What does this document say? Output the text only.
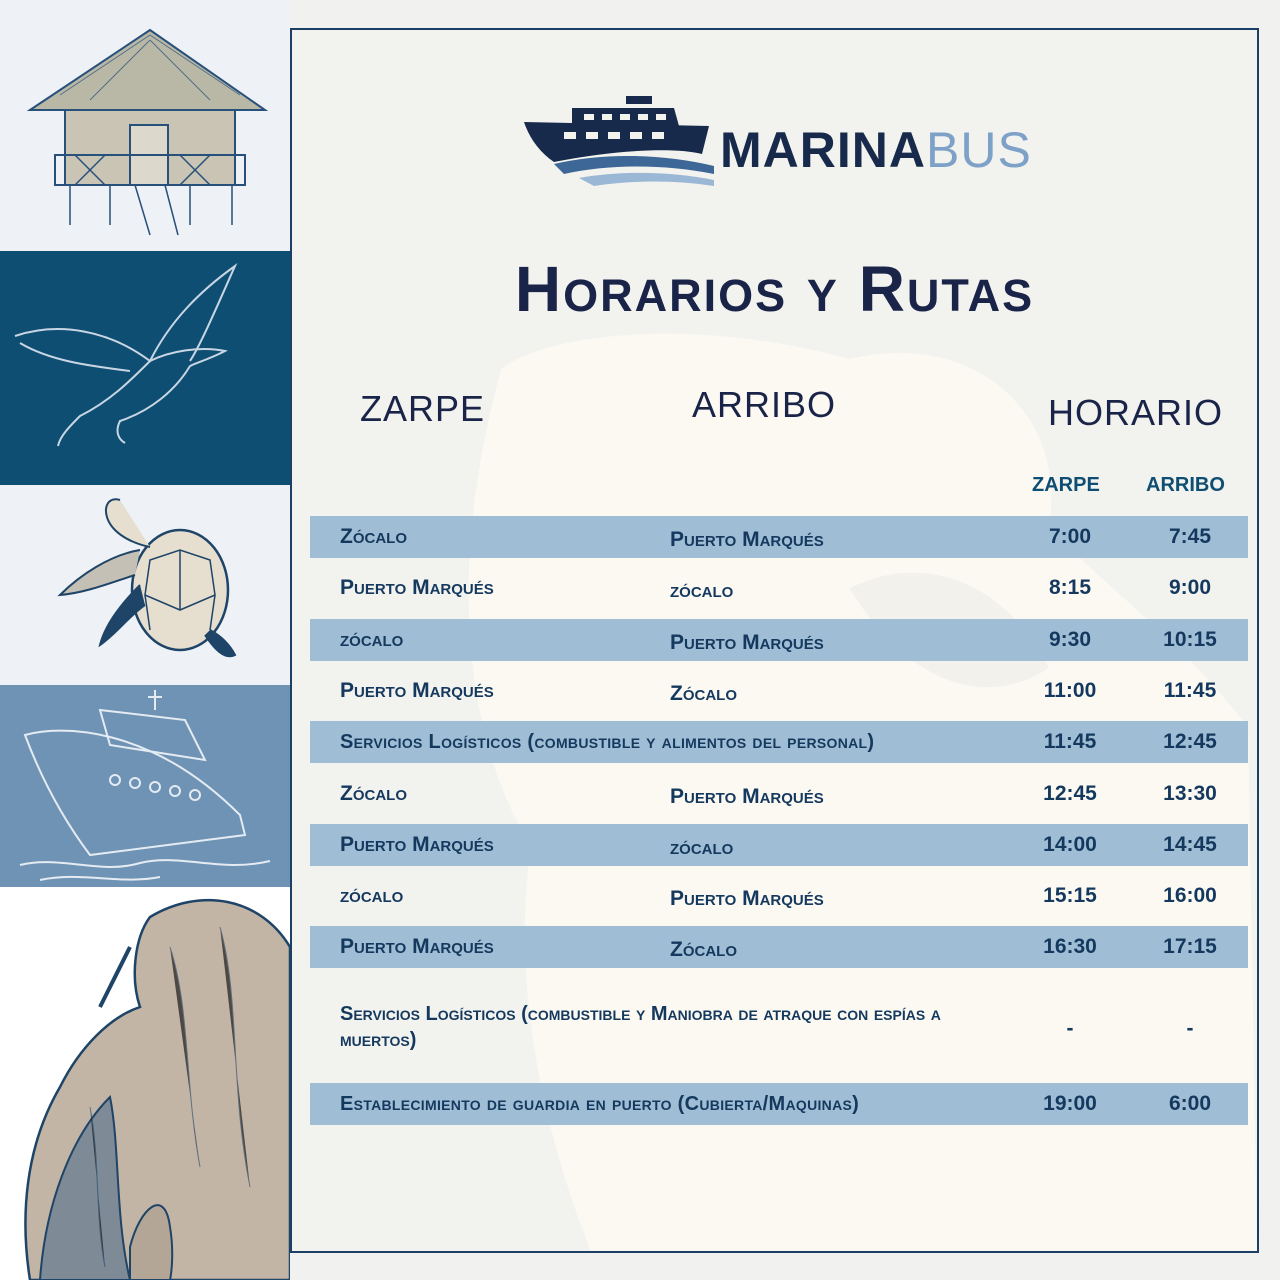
MARINABUS
Horarios y Rutas
ZARPE	ARRIBO	HORARIO
ZARPE ARRIBO
Zócalo	Puerto Marqués	7:00	7:45
Puerto Marqués	zócalo	8:15	9:00
zócalo	Puerto Marqués	9:30	10:15
Puerto Marqués	Zócalo	11:00	11:45
Servicios Logísticos (combustible y alimentos del personal)	11:45	12:45
Zócalo	Puerto Marqués	12:45	13:30
Puerto Marqués	zócalo	14:00	14:45
zócalo	Puerto Marqués	15:15	16:00
Puerto Marqués	Zócalo	16:30	17:15
Servicios Logísticos (combustible y Maniobra de atraque con espías a muertos)	-	-
Establecimiento de guardia en puerto (Cubierta/Maquinas)	19:00	6:00
